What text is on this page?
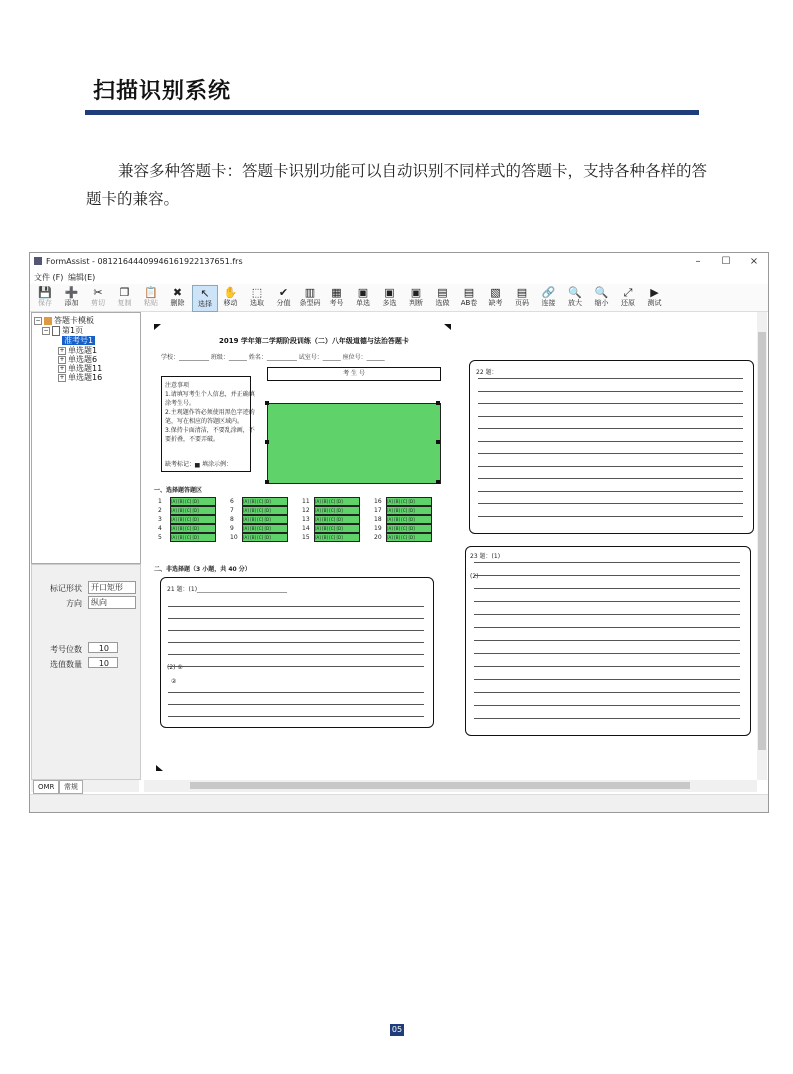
扫描识别系统
兼容多种答题卡：答题卡识别功能可以自动识别不同样式的答题卡，支持各种各样的答题卡的兼容。
FormAssist - 081216444099461619221376​51.frs	–	☐	×
文件 (F) 编辑(E)
💾
保存
➕
添加
✂
剪切
❐
复制
📋
粘贴
✖
删除
↖
选择
✋
移动
⬚
选取
✔
分值
▥
条型码
▦
考号
▣
单选
▣
多选
▣
判断
▤
选做
▤
AB卷
▧
缺考
▤
页码
🔗
连接
🔍
放大
🔍
缩小
⤢
还原
▶
测试
− 答题卡模板
− 第1页
准考号1
+ 单选题1
+ 单选题6
+ 单选题11
+ 单选题16
标记形状	开口矩形
方向	纵向
考号位数	10
选值数量	10
OMR	常规
2019 学年第二学期阶段训练（二）八年级道德与法治答题卡
学校：__________ 班级：______ 姓名：__________ 试室号：______ 座位号：______
注意事项
1.请填写考生个人信息，并正确填
涂考生号。
2.主观题作答必须使用黑色字迹的
笔，写在相应的答题区域内。
3.保持卡面清洁，不要乱涂画，不
要折叠，不要弄破。
缺考标记：▅ 填涂示例：
考 生 号
一、选择题答题区
1 [A] [B] [C] [D]
2 [A] [B] [C] [D]
3 [A] [B] [C] [D]
4 [A] [B] [C] [D]
5 [A] [B] [C] [D]
6 [A] [B] [C] [D]
7 [A] [B] [C] [D]
8 [A] [B] [C] [D]
9 [A] [B] [C] [D]
10 [A] [B] [C] [D]
11 [A] [B] [C] [D]
12 [A] [B] [C] [D]
13 [A] [B] [C] [D]
14 [A] [B] [C] [D]
15 [A] [B] [C] [D]
16 [A] [B] [C] [D]
17 [A] [B] [C] [D]
18 [A] [B] [C] [D]
19 [A] [B] [C] [D]
20 [A] [B] [C] [D]
二、非选择题（3 小题，共 40 分）
21 题：(1)______________________________
(2) ①
②
22 题：
23 题：(1)
(2)
05
